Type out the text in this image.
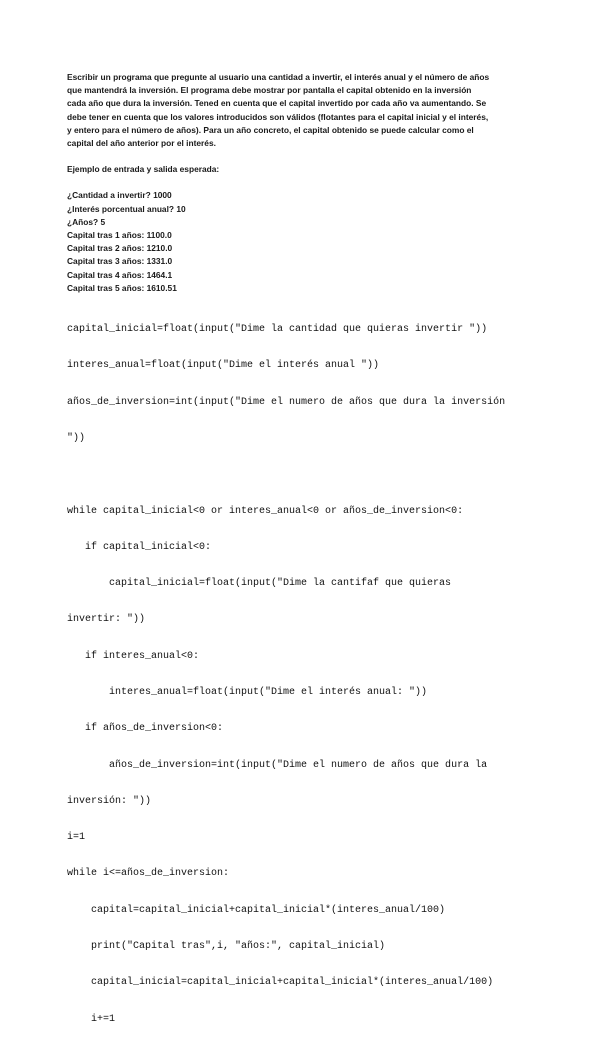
Escribir un programa que pregunte al usuario una cantidad a invertir, el interés anual y el número de años

que mantendrá la inversión. El programa debe mostrar por pantalla el capital obtenido en la inversión

cada año que dura la inversión. Tened en cuenta que el capital invertido por cada año va aumentando. Se

debe tener en cuenta que los valores introducidos son válidos (flotantes para el capital inicial y el interés,

y entero para el número de años). Para un año concreto, el capital obtenido se puede calcular como el

capital del año anterior por el interés.

Ejemplo de entrada y salida esperada:

¿Cantidad a invertir? 1000

¿Interés porcentual anual? 10

¿Años? 5

Capital tras 1 años: 1100.0

Capital tras 2 años: 1210.0

Capital tras 3 años: 1331.0

Capital tras 4 años: 1464.1

Capital tras 5 años: 1610.51

capital_inicial=float(input("Dime la cantidad que quieras invertir "))

interes_anual=float(input("Dime el interés anual "))

años_de_inversion=int(input("Dime el numero de años que dura la inversión

"))

while capital_inicial<0 or interes_anual<0 or años_de_inversion<0:

if capital_inicial<0:

capital_inicial=float(input("Dime la cantifaf que quieras

invertir: "))

if interes_anual<0:

interes_anual=float(input("Dime el interés anual: "))

if años_de_inversion<0:

años_de_inversion=int(input("Dime el numero de años que dura la

inversión: "))

i=1

while i<=años_de_inversion:

capital=capital_inicial+capital_inicial*(interes_anual/100)

print("Capital tras",i, "años:", capital_inicial)

capital_inicial=capital_inicial+capital_inicial*(interes_anual/100)

i+=1
